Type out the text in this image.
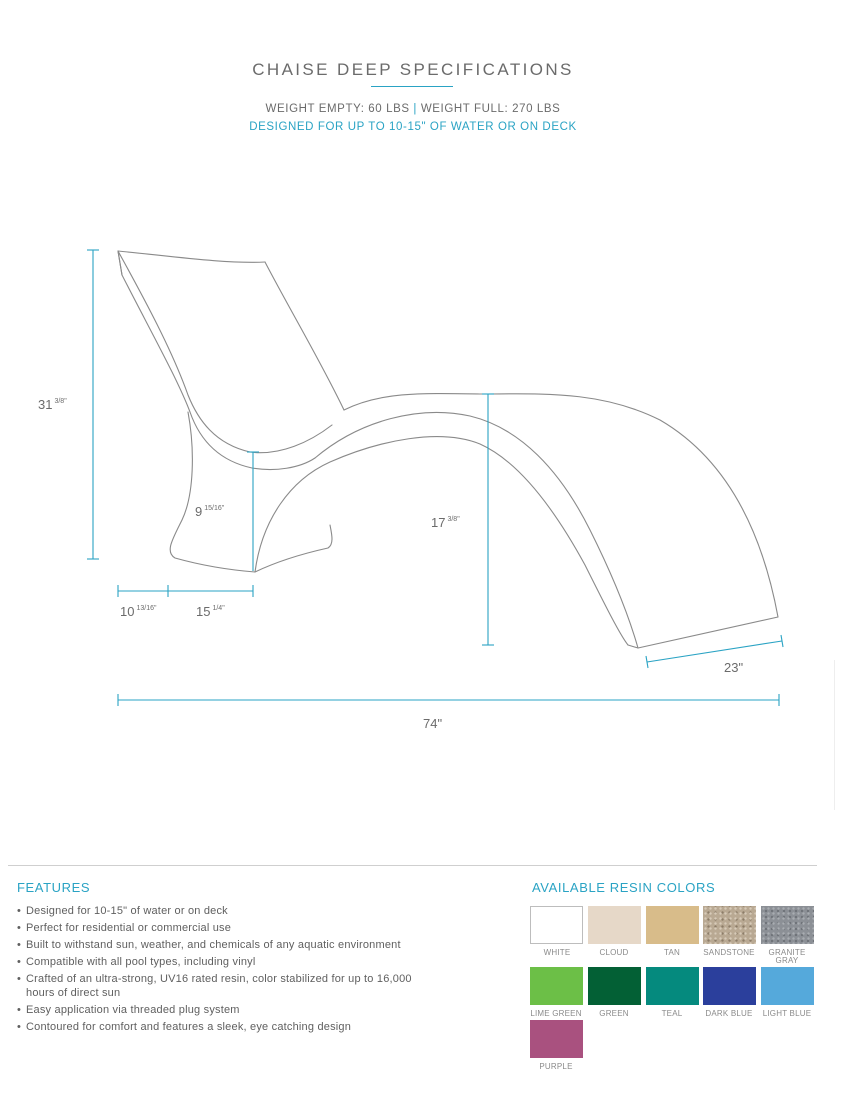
CHAISE DEEP SPECIFICATIONS
WEIGHT EMPTY: 60 LBS | WEIGHT FULL: 270 LBS
DESIGNED FOR UP TO 10-15" OF WATER OR ON DECK
31 $^{3/8"}$
9 $^{15/16"}$
17 $^{3/8"}$
10 $^{13/16"}$	15 $^{1/4"}$
23"
74"
FEATURES
• Designed for 10-15" of water or on deck
• Perfect for residential or commercial use
• Built to withstand sun, weather, and chemicals of any aquatic environment
• Compatible with all pool types, including vinyl
• Crafted of an ultra-strong, UV16 rated resin, color stabilized for up to 16,000 hours of direct sun
• Easy application via threaded plug system
• Contoured for comfort and features a sleek, eye catching design
AVAILABLE RESIN COLORS
WHITE	CLOUD	TAN	SANDSTONE	GRANITE GRAY
LIME GREEN	GREEN	TEAL	DARK BLUE	LIGHT BLUE
PURPLE
